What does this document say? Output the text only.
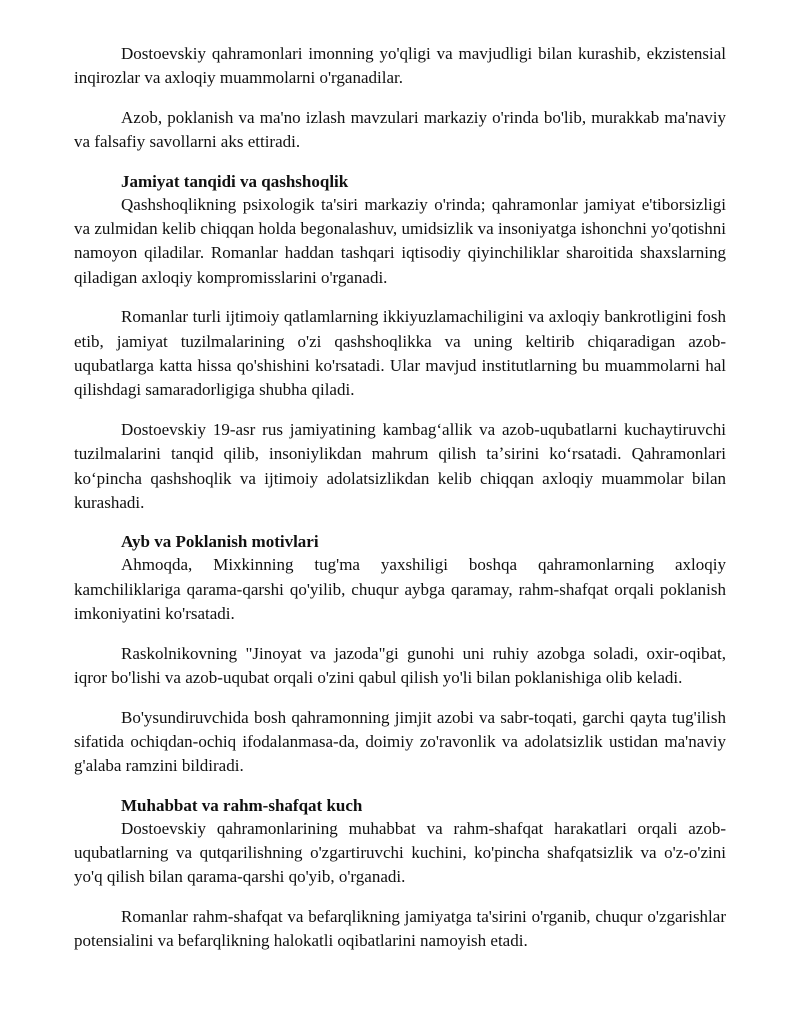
Dostoevskiy qahramonlari imonning yo'qligi va mavjudligi bilan kurashib, ekzistensial inqirozlar va axloqiy muammolarni o'rganadilar.

Azob, poklanish va ma'no izlash mavzulari markaziy o'rinda bo'lib, murakkab ma'naviy va falsafiy savollarni aks ettiradi.

Jamiyat tanqidi va qashshoqlik

Qashshoqlikning psixologik ta'siri markaziy o'rinda; qahramonlar jamiyat e'tiborsizligi va zulmidan kelib chiqqan holda begonalashuv, umidsizlik va insoniyatga ishonchni yo'qotishni namoyon qiladilar. Romanlar haddan tashqari iqtisodiy qiyinchiliklar sharoitida shaxslarning qiladigan axloqiy kompromisslarini o'rganadi.

Romanlar turli ijtimoiy qatlamlarning ikkiyuzlamachiligini va axloqiy bankrotligini fosh etib, jamiyat tuzilmalarining o'zi qashshoqlikka va uning keltirib chiqaradigan azob-uqubatlarga katta hissa qo'shishini ko'rsatadi. Ular mavjud institutlarning bu muammolarni hal qilishdagi samaradorligiga shubha qiladi.

Dostoevskiy 19-asr rus jamiyatining kambagʻallik va azob-uqubatlarni kuchaytiruvchi tuzilmalarini tanqid qilib, insoniylikdan mahrum qilish taʼsirini koʻrsatadi. Qahramonlari koʻpincha qashshoqlik va ijtimoiy adolatsizlikdan kelib chiqqan axloqiy muammolar bilan kurashadi.

Ayb va Poklanish motivlari

Ahmoqda, Mixkinning tug'ma yaxshiligi boshqa qahramonlarning axloqiy kamchiliklariga qarama-qarshi qo'yilib, chuqur aybga qaramay, rahm-shafqat orqali poklanish imkoniyatini ko'rsatadi.

Raskolnikovning "Jinoyat va jazoda"gi gunohi uni ruhiy azobga soladi, oxir-oqibat, iqror bo'lishi va azob-uqubat orqali o'zini qabul qilish yo'li bilan poklanishiga olib keladi.

Bo'ysundiruvchida bosh qahramonning jimjit azobi va sabr-toqati, garchi qayta tug'ilish sifatida ochiqdan-ochiq ifodalanmasa-da, doimiy zo'ravonlik va adolatsizlik ustidan ma'naviy g'alaba ramzini bildiradi.

Muhabbat va rahm-shafqat kuch

Dostoevskiy qahramonlarining muhabbat va rahm-shafqat harakatlari orqali azob-uqubatlarning va qutqarilishning o'zgartiruvchi kuchini, ko'pincha shafqatsizlik va o'z-o'zini yo'q qilish bilan qarama-qarshi qo'yib, o'rganadi.

Romanlar rahm-shafqat va befarqlikning jamiyatga ta'sirini o'rganib, chuqur o'zgarishlar potensialini va befarqlikning halokatli oqibatlarini namoyish etadi.
